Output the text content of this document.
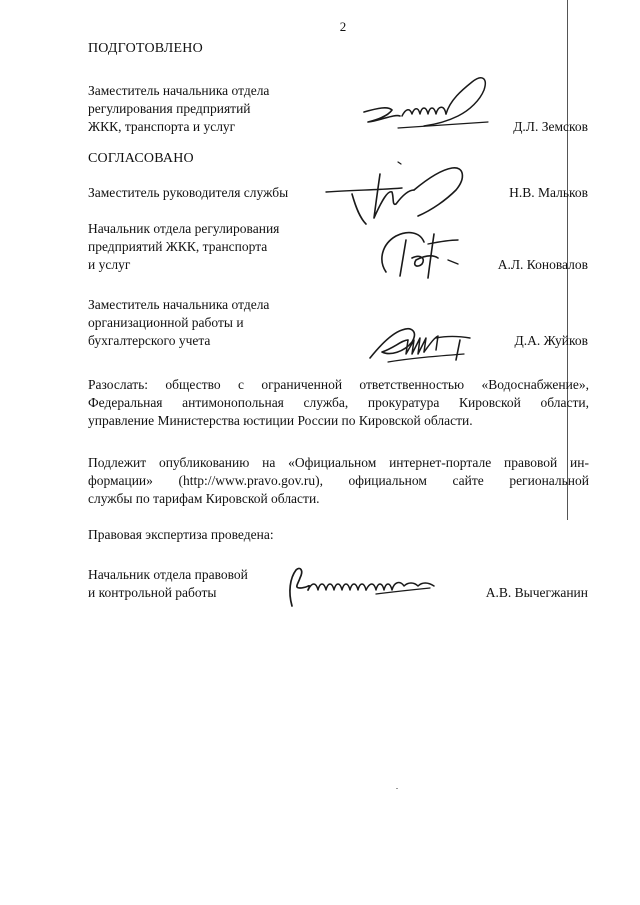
2
ПОДГОТОВЛЕНО
Заместитель начальника отдела
регулирования предприятий
ЖКК, транспорта и услуг	Д.Л. Земсков
СОГЛАСОВАНО
Заместитель руководителя службы	Н.В. Мальков
Начальник отдела регулирования
предприятий ЖКК, транспорта
и услуг	А.Л. Коновалов
Заместитель начальника отдела
организационной работы и
бухгалтерского учета	Д.А. Жуйков
Разослать: общество с ограниченной ответственностью «Водоснабжение»,
Федеральная антимонопольная служба, прокуратура Кировской области,
управление Министерства юстиции России по Кировской области.
Подлежит опубликованию на «Официальном интернет-портале правовой ин-
формации» (http://www.pravo.gov.ru), официальном сайте региональной
службы по тарифам Кировской области.
Правовая экспертиза проведена:
Начальник отдела правовой
и контрольной работы	А.В. Вычегжанин
